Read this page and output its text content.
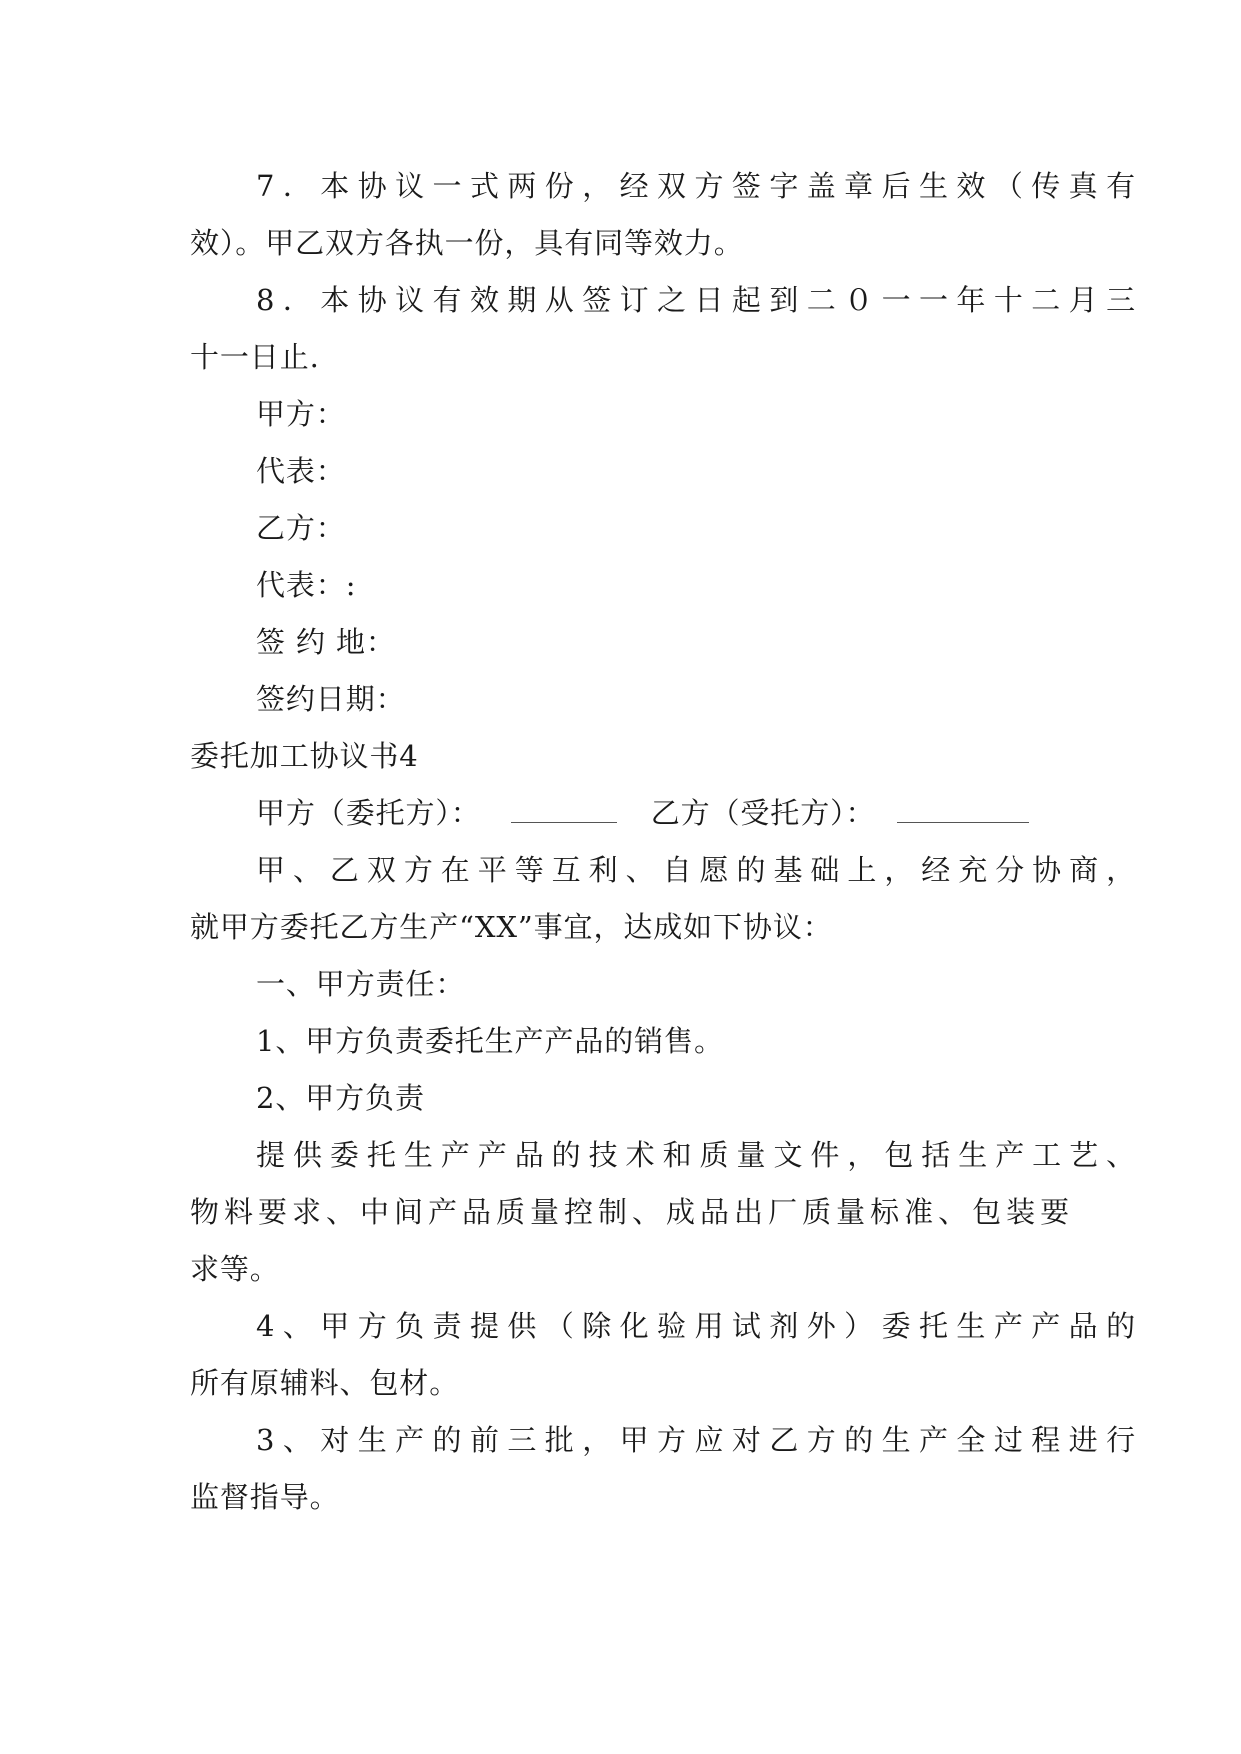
7．本协议一式两份，经双方签字盖章后生效（传真有
效）。甲乙双方各执一份，具有同等效力。
8．本协议有效期从签订之日起到二０一一年十二月三
十一日止.
甲方：
代表：
乙方：
代表：:
签 约 地：
签约日期：
委托加工协议书4
甲方（委托方）：	乙方（受托方）：
甲、乙双方在平等互利、自愿的基础上，经充分协商，
就甲方委托乙方生产“XX”事宜，达成如下协议：
一、甲方责任：
1、甲方负责委托生产产品的销售。
2、甲方负责
提供委托生产产品的技术和质量文件，包括生产工艺、
物料要求、中间产品质量控制、成品出厂质量标准、包装要
求等。
4、甲方负责提供（除化验用试剂外）委托生产产品的
所有原辅料、包材。
3、对生产的前三批，甲方应对乙方的生产全过程进行
监督指导。
